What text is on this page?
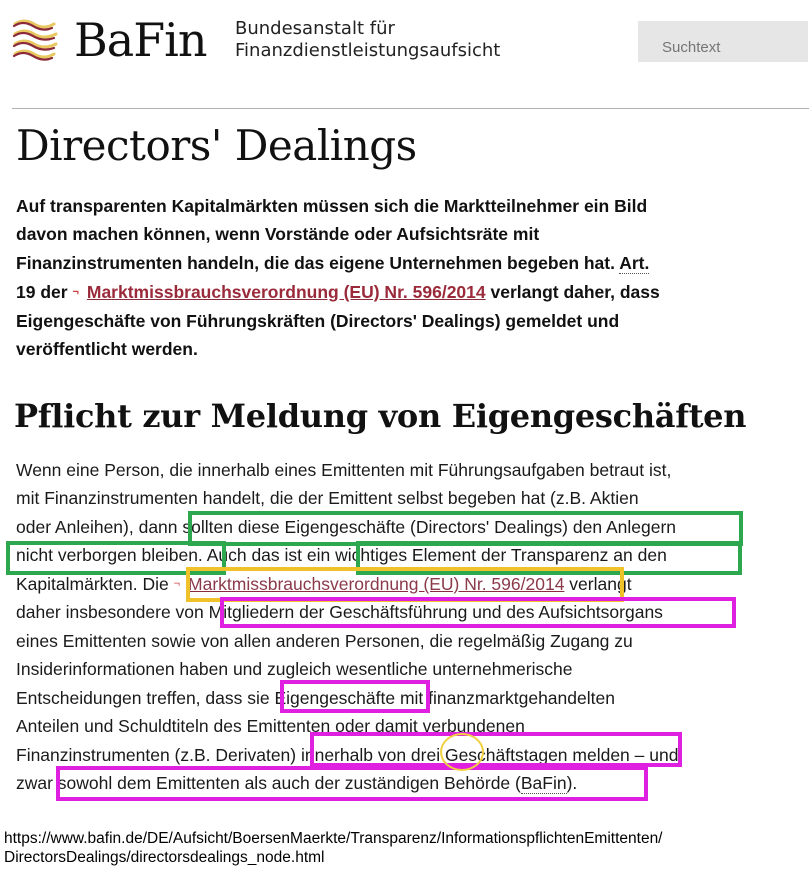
BaFin Bundesanstalt für
Finanzdienstleistungsaufsicht
Suchtext
Directors' Dealings
Auf transparenten Kapitalmärkten müssen sich die Marktteilnehmer ein Bild
davon machen können, wenn Vorstände oder Aufsichtsräte mit
Finanzinstrumenten handeln, die das eigene Unternehmen begeben hat. Art.
19 der ¬ Marktmissbrauchsverordnung (EU) Nr. 596/2014 verlangt daher, dass
Eigengeschäfte von Führungskräften (Directors' Dealings) gemeldet und
veröffentlicht werden.
Pflicht zur Meldung von Eigengeschäften
Wenn eine Person, die innerhalb eines Emittenten mit Führungsaufgaben betraut ist,
mit Finanzinstrumenten handelt, die der Emittent selbst begeben hat (z.B. Aktien
oder Anleihen), dann sollten diese Eigengeschäfte (Directors' Dealings) den Anlegern
nicht verborgen bleiben. Auch das ist ein wichtiges Element der Transparenz an den
Kapitalmärkten. Die ¬ Marktmissbrauchsverordnung (EU) Nr. 596/2014 verlangt
daher insbesondere von Mitgliedern der Geschäftsführung und des Aufsichtsorgans
eines Emittenten sowie von allen anderen Personen, die regelmäßig Zugang zu
Insiderinformationen haben und zugleich wesentliche unternehmerische
Entscheidungen treffen, dass sie Eigengeschäfte mit finanzmarktgehandelten
Anteilen und Schuldtiteln des Emittenten oder damit verbundenen
Finanzinstrumenten (z.B. Derivaten) innerhalb von drei Geschäftstagen melden – und
zwar sowohl dem Emittenten als auch der zuständigen Behörde (BaFin).
https://www.bafin.de/DE/Aufsicht/BoersenMaerkte/Transparenz/InformationspflichtenEmittenten/
DirectorsDealings/directorsdealings_node.html
